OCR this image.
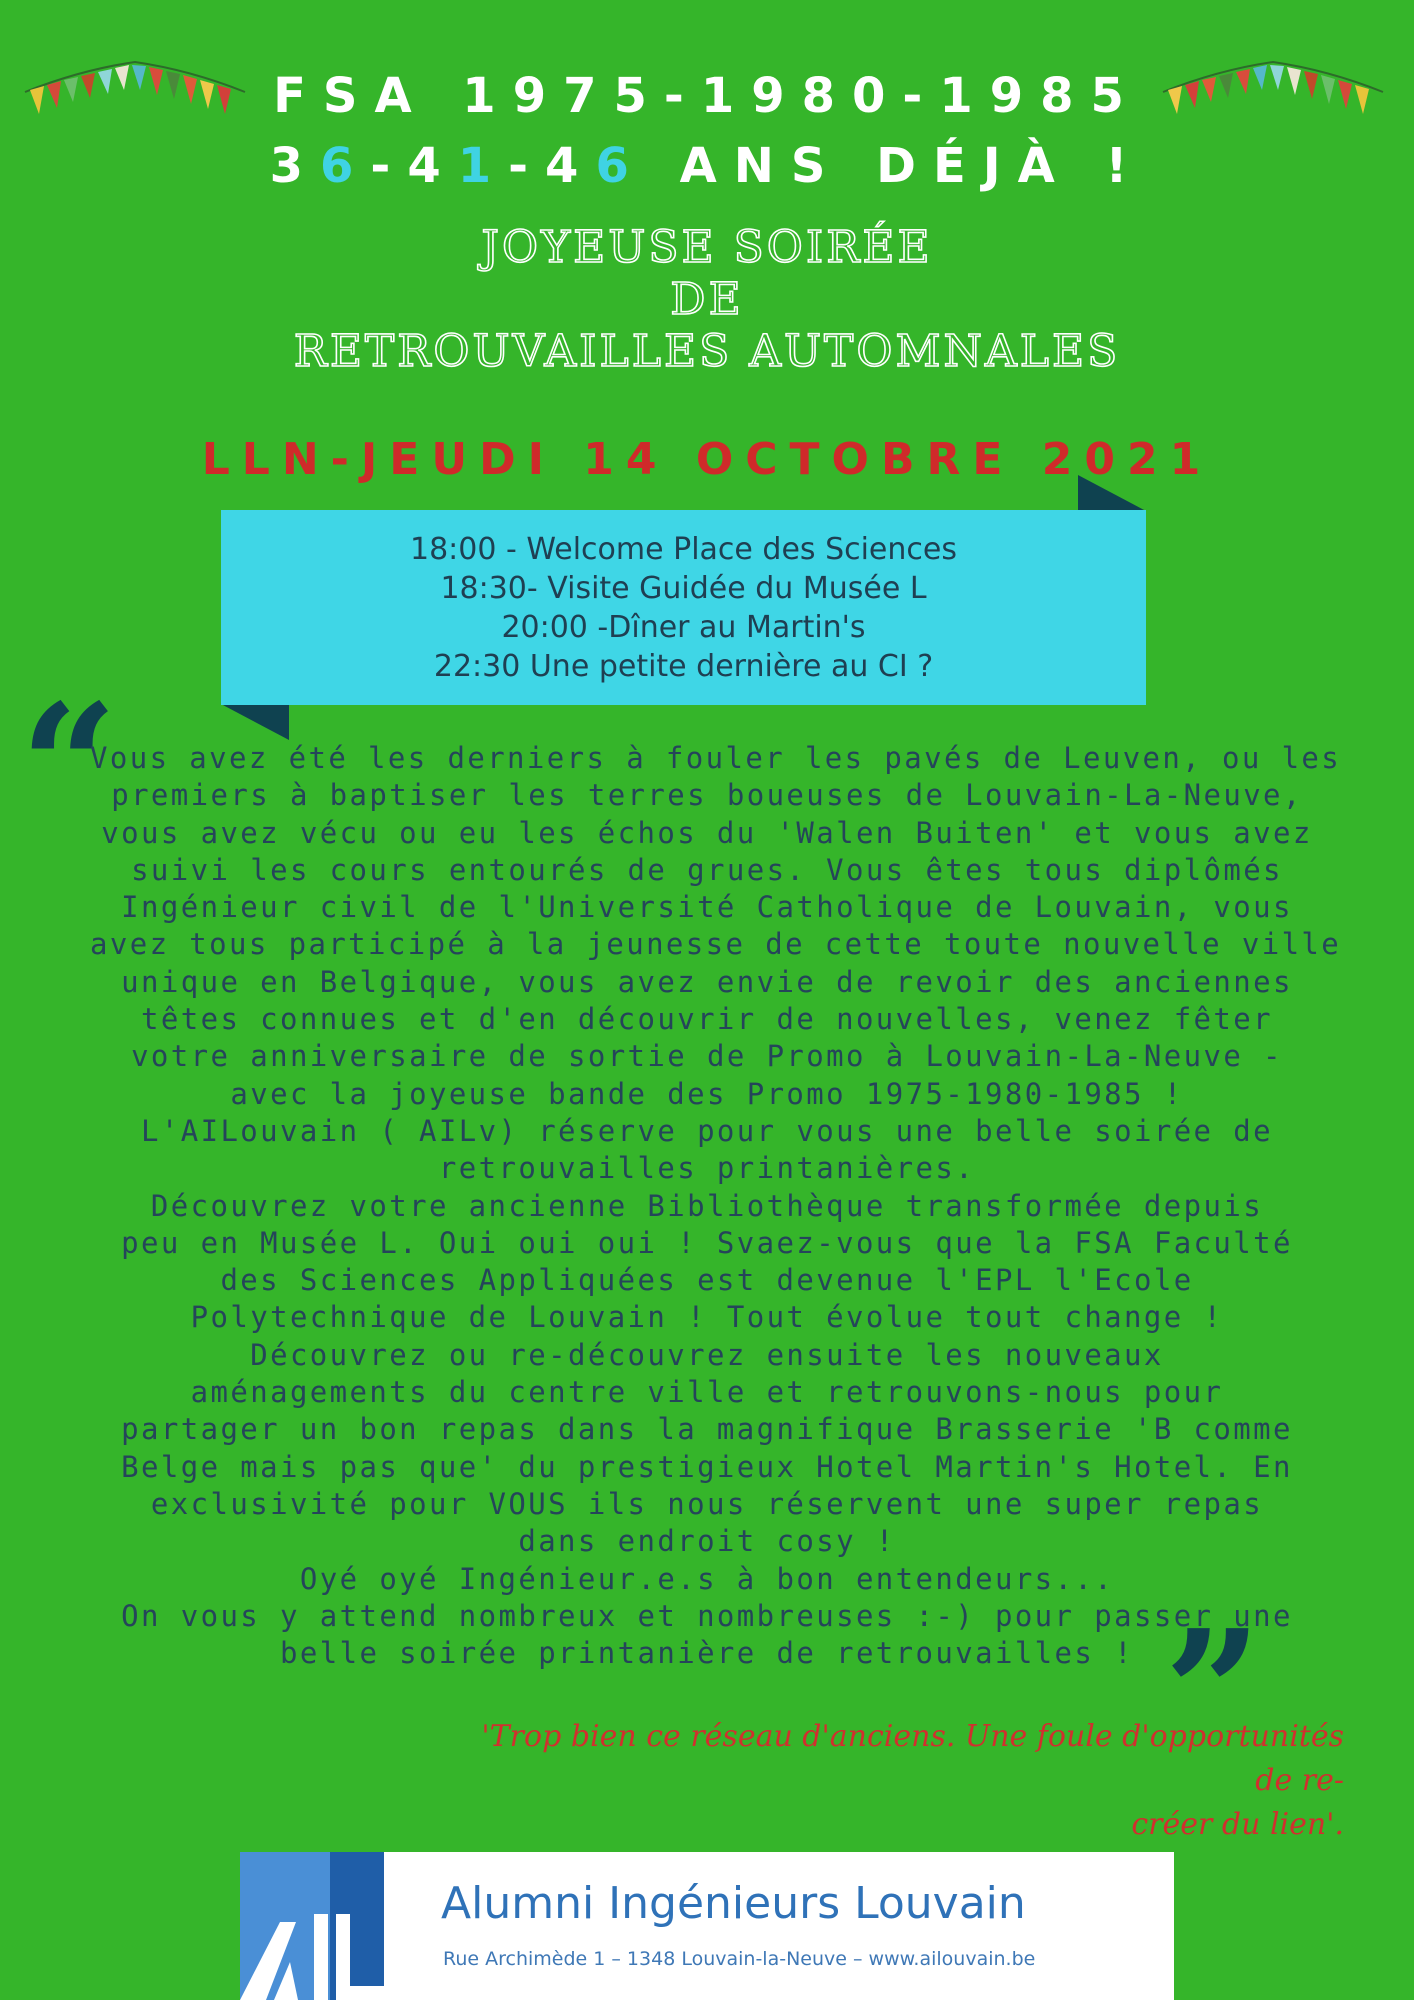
FSA 1975-1980-1985
36-41-46 ANS DÉJÀ !
JOYEUSE SOIRÉE
DE
RETROUVAILLES AUTOMNALES
LLN-JEUDI 14 OCTOBRE 2021
18:00 - Welcome Place des Sciences
18:30- Visite Guidée du Musée L
20:00 -Dîner au Martin's
22:30 Une petite dernière au CI ?
“
”
Vous avez été les derniers à fouler les pavés de Leuven, ou les
premiers à baptiser les terres boueuses de Louvain-La-Neuve,
vous avez vécu ou eu les échos du 'Walen Buiten' et vous avez
suivi les cours entourés de grues. Vous êtes tous diplômés
Ingénieur civil de l'Université Catholique de Louvain, vous
avez tous participé à la jeunesse de cette toute nouvelle ville
unique en Belgique, vous avez envie de revoir des anciennes
têtes connues et d'en découvrir de nouvelles, venez fêter
votre anniversaire de sortie de Promo à Louvain-La-Neuve -
avec la joyeuse bande des Promo 1975-1980-1985 !
L'AILouvain ( AILv) réserve pour vous une belle soirée de
retrouvailles printanières.
Découvrez votre ancienne Bibliothèque transformée depuis
peu en Musée L. Oui oui oui ! Svaez-vous que la FSA Faculté
des Sciences Appliquées est devenue l'EPL l'Ecole
Polytechnique de Louvain ! Tout évolue tout change !
Découvrez ou re-découvrez ensuite les nouveaux
aménagements du centre ville et retrouvons-nous pour
partager un bon repas dans la magnifique Brasserie 'B comme
Belge mais pas que' du prestigieux Hotel Martin's Hotel. En
exclusivité pour VOUS ils nous réservent une super repas
dans endroit cosy !
Oyé oyé Ingénieur.e.s à bon entendeurs...
On vous y attend nombreux et nombreuses :-) pour passer une
belle soirée printanière de retrouvailles !
'Trop bien ce réseau d'anciens. Une foule d'opportunités de re-
créer du lien'.
Alumni Ingénieurs Louvain
Rue Archimède 1 – 1348 Louvain-la-Neuve – www.ailouvain.be
